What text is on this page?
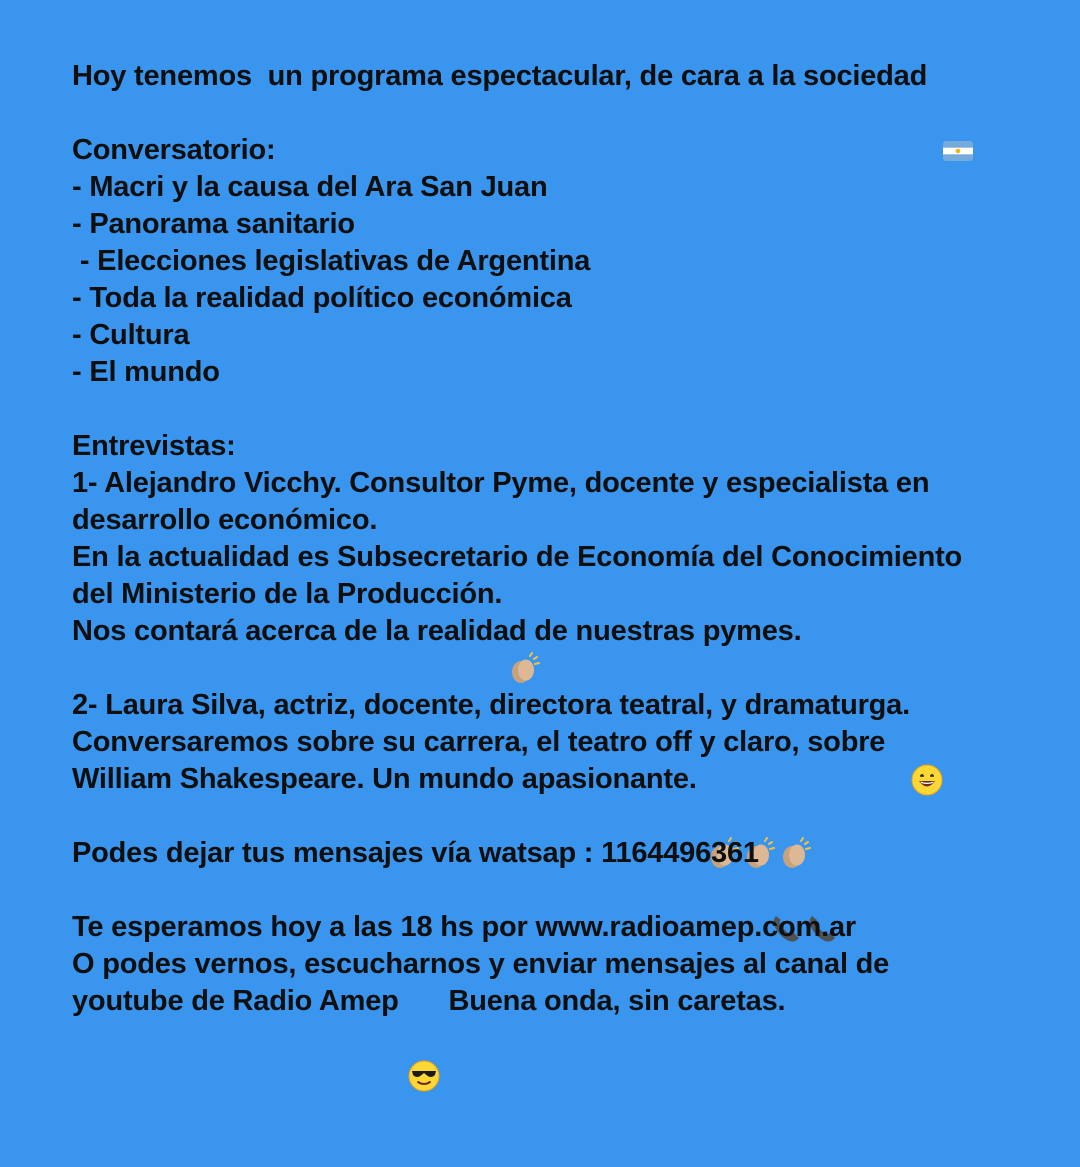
Hoy tenemos  un programa espectacular, de cara a la sociedad

Conversatorio:
- Macri y la causa del Ara San Juan
- Panorama sanitario
- Elecciones legislativas de Argentina
- Toda la realidad político económica
- Cultura
- El mundo
Entrevistas:
1- Alejandro Vicchy. Consultor Pyme, docente y especialista en
desarrollo económico.
En la actualidad es Subsecretario de Economía del Conocimiento
del Ministerio de la Producción.

Nos contará acerca de la realidad de nuestras pymes.
2- Laura Silva, actriz, docente, directora teatral, y dramaturga.

Conversaremos sobre su carrera, el teatro off y claro, sobre
William Shakespeare. Un mundo apasionante.

Podes dejar tus mensajes vía watsap : 1164496361

Te esperamos hoy a las 18 hs por www.radioamep.com.ar
O podes vernos, escucharnos y enviar mensajes al canal de
youtube de Radio Amep

Buena onda, sin caretas.
